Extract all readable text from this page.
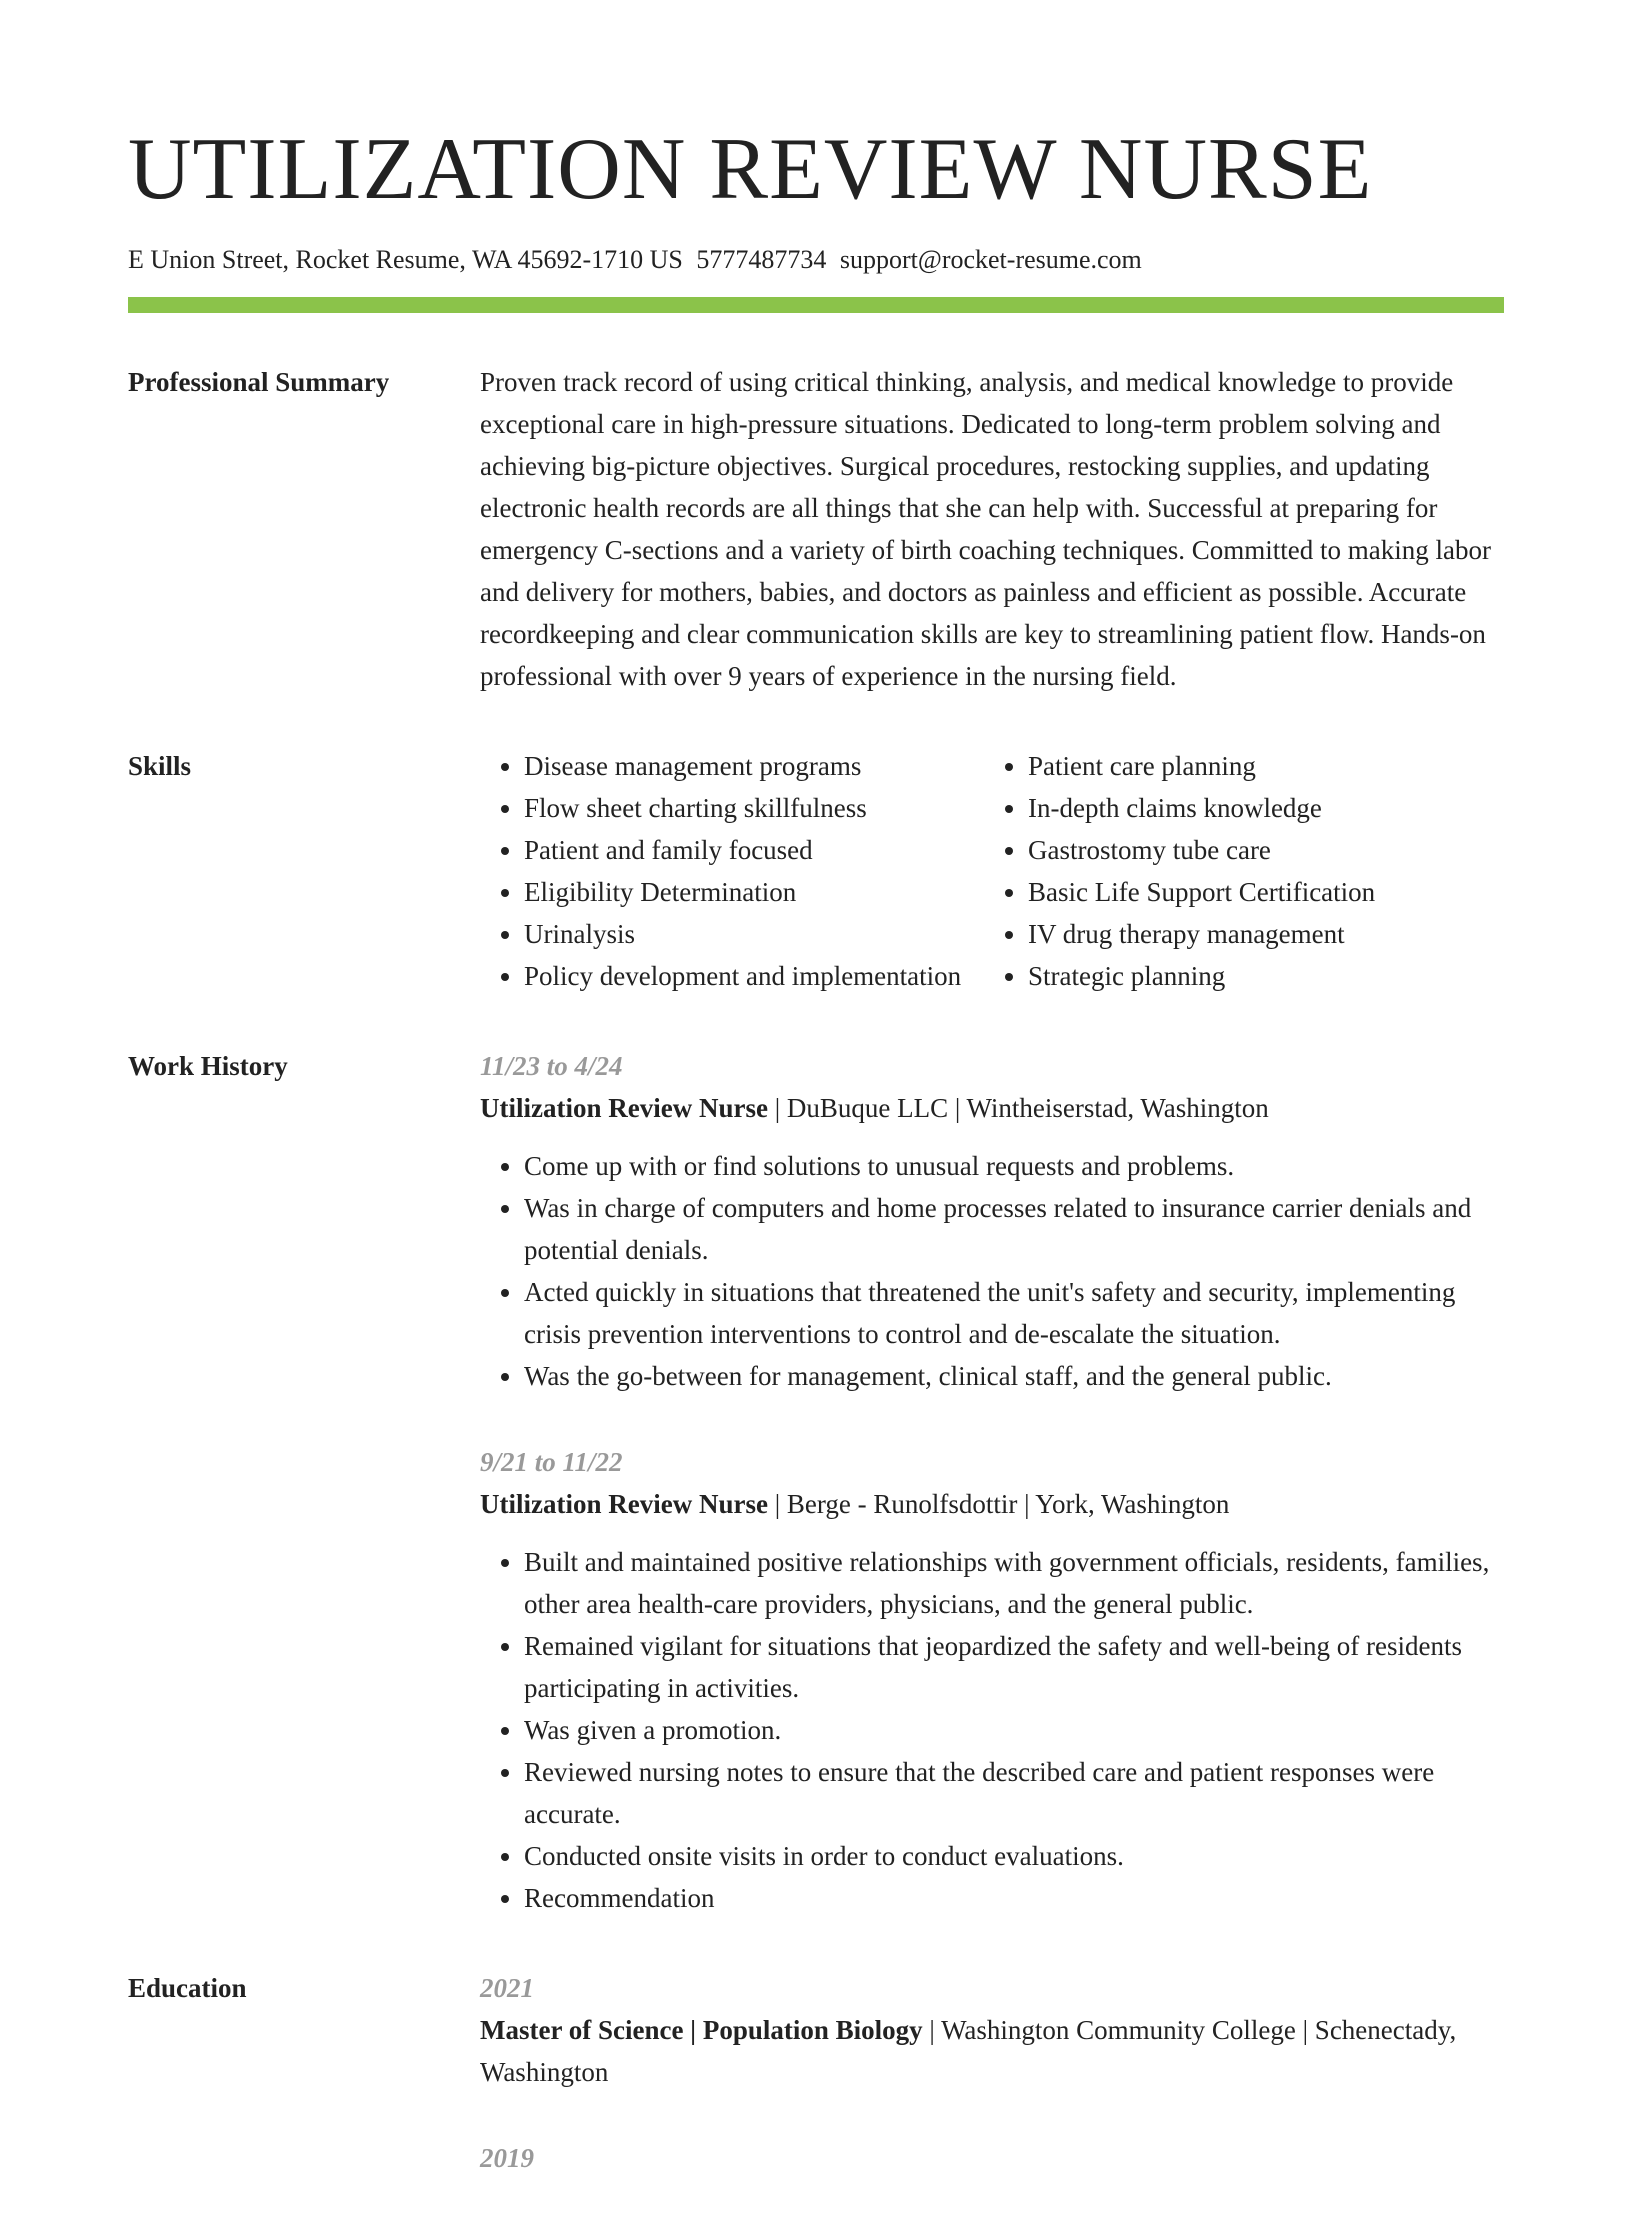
UTILIZATION REVIEW NURSE
E Union Street, Rocket Resume, WA 45692-1710 US 5777487734 support@rocket-resume.com
Professional Summary	Proven track record of using critical thinking, analysis, and medical knowledge to provide exceptional care in high-pressure situations. Dedicated to long-term problem solving and achieving big-picture objectives. Surgical procedures, restocking supplies, and updating electronic health records are all things that she can help with. Successful at preparing for emergency C-sections and a variety of birth coaching techniques. Committed to making labor and delivery for mothers, babies, and doctors as painless and efficient as possible. Accurate recordkeeping and clear communication skills are key to streamlining patient flow. Hands-on professional with over 9 years of experience in the nursing field.

Skills
•	Disease management programs
• Flow sheet charting skillfulness
• Patient and family focused
• Eligibility Determination
• Urinalysis
• Policy development and implementation
• Patient care planning
• In-depth claims knowledge
• Gastrostomy tube care
• Basic Life Support Certification
• IV drug therapy management
• Strategic planning
Work History	11/23 to 4/24
Utilization Review Nurse | DuBuque LLC | Wintheiserstad, Washington
• Come up with or find solutions to unusual requests and problems.
• Was in charge of computers and home processes related to insurance carrier denials and potential denials.
• Acted quickly in situations that threatened the unit's safety and security, implementing crisis prevention interventions to control and de-escalate the situation.
• Was the go-between for management, clinical staff, and the general public.
9/21 to 11/22
Utilization Review Nurse | Berge - Runolfsdottir | York, Washington
• Built and maintained positive relationships with government officials, residents, families, other area health-care providers, physicians, and the general public.
• Remained vigilant for situations that jeopardized the safety and well-being of residents participating in activities.
• Was given a promotion.
• Reviewed nursing notes to ensure that the described care and patient responses were accurate.
• Conducted onsite visits in order to conduct evaluations.
• Recommendation
Education	2021
Master of Science | Population Biology | Washington Community College | Schenectady, Washington
2019
